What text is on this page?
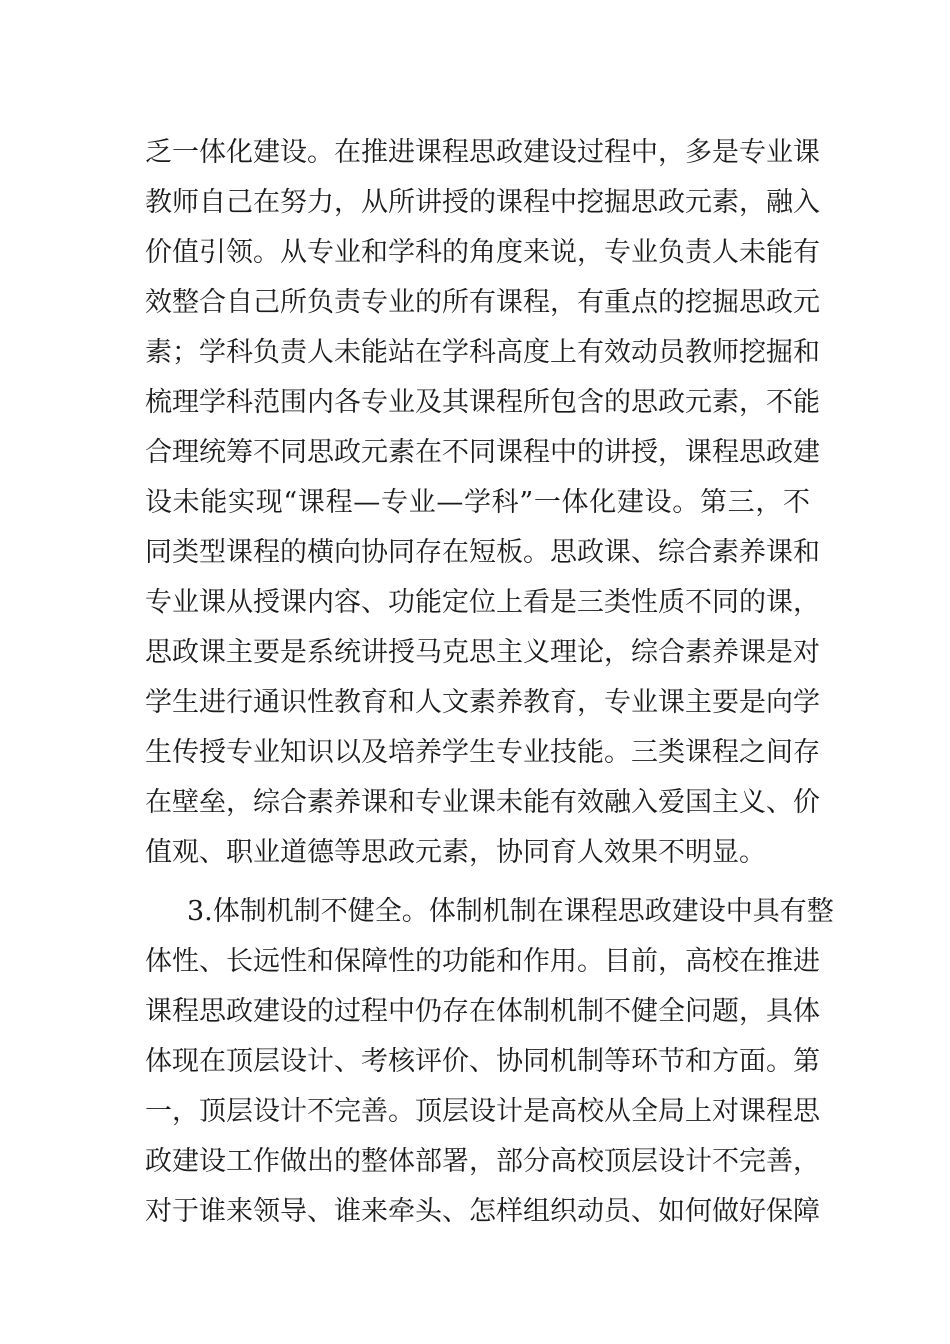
乏一体化建设。在推进课程思政建设过程中，多是专业课
教师自己在努力，从所讲授的课程中挖掘思政元素，融入
价值引领。从专业和学科的角度来说，专业负责人未能有
效整合自己所负责专业的所有课程，有重点的挖掘思政元
素；学科负责人未能站在学科高度上有效动员教师挖掘和
梳理学科范围内各专业及其课程所包含的思政元素，不能
合理统筹不同思政元素在不同课程中的讲授，课程思政建
设未能实现“课程—专业—学科”一体化建设。第三，不
同类型课程的横向协同存在短板。思政课、综合素养课和
专业课从授课内容、功能定位上看是三类性质不同的课，
思政课主要是系统讲授马克思主义理论，综合素养课是对
学生进行通识性教育和人文素养教育，专业课主要是向学
生传授专业知识以及培养学生专业技能。三类课程之间存
在壁垒，综合素养课和专业课未能有效融入爱国主义、价
值观、职业道德等思政元素，协同育人效果不明显。
3.体制机制不健全。体制机制在课程思政建设中具有整
体性、长远性和保障性的功能和作用。目前，高校在推进
课程思政建设的过程中仍存在体制机制不健全问题，具体
体现在顶层设计、考核评价、协同机制等环节和方面。第
一，顶层设计不完善。顶层设计是高校从全局上对课程思
政建设工作做出的整体部署，部分高校顶层设计不完善，
对于谁来领导、谁来牵头、怎样组织动员、如何做好保障
